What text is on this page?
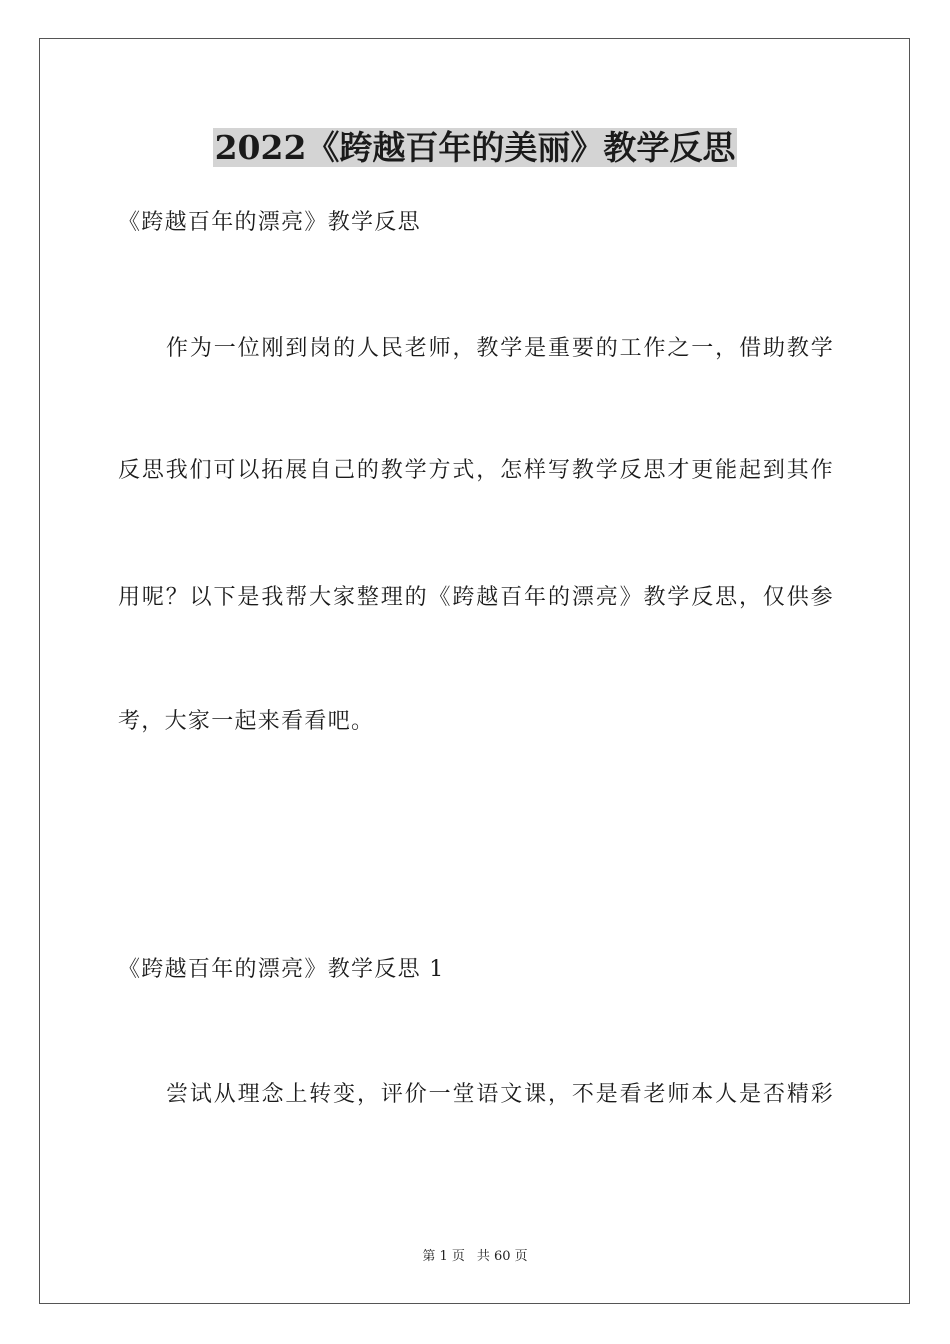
2022《跨越百年的美丽》教学反思
《跨越百年的漂亮》教学反思
作为一位刚到岗的人民老师，教学是重要的工作之一，借助教学
反思我们可以拓展自己的教学方式，怎样写教学反思才更能起到其作
用呢？以下是我帮大家整理的《跨越百年的漂亮》教学反思，仅供参
考，大家一起来看看吧。
《跨越百年的漂亮》教学反思 1
尝试从理念上转变，评价一堂语文课，不是看老师本人是否精彩
第 1 页 共 60 页
